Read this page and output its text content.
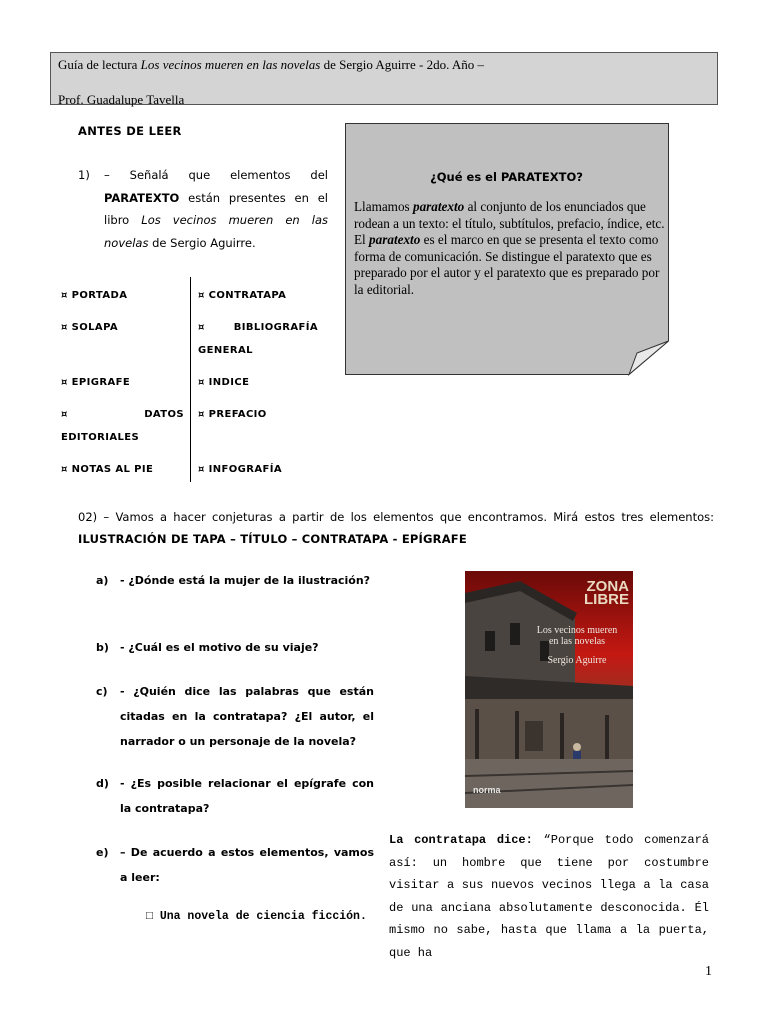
Guía de lectura Los vecinos mueren en las novelas de Sergio Aguirre - 2do. Año –
Prof. Guadalupe Tavella
ANTES DE LEER
1) – Señalá que elementos del PARATEXTO están presentes en el libro Los vecinos mueren en las novelas de Sergio Aguirre.
¤ PORTADA
¤ SOLAPA
¤ EPIGRAFE
¤	DATOS
EDITORIALES
¤ NOTAS AL PIE
¤ CONTRATAPA
¤	BIBLIOGRAFÍA
GENERAL
¤ INDICE
¤ PREFACIO
¤ INFOGRAFÍA
¿Qué es el PARATEXTO?
Llamamos paratexto al conjunto de los enunciados que rodean a un texto: el título, subtítulos, prefacio, índice, etc. El paratexto es el marco en que se presenta el texto como forma de comunicación. Se distingue el paratexto que es preparado por el autor y el paratexto que es preparado por la editorial.
02) – Vamos a hacer conjeturas a partir de los elementos que encontramos. Mirá estos tres elementos: ILUSTRACIÓN DE TAPA – TÍTULO – CONTRATAPA - EPÍGRAFE
a) - ¿Dónde está la mujer de la ilustración?
b) - ¿Cuál es el motivo de su viaje?
c) - ¿Quién dice las palabras que están citadas en la contratapa? ¿El autor, el narrador o un personaje de la novela?
d) - ¿Es posible relacionar el epígrafe con la contratapa?
e) – De acuerdo a estos elementos, vamos a leer:
□ Una novela de ciencia ficción.
ZONA
LIBRE
Los vecinos mueren
en las novelas
Sergio Aguirre
norma
La contratapa dice: “Porque todo comenzará así: un hombre que tiene por costumbre visitar a sus nuevos vecinos llega a la casa de una anciana absolutamente desconocida. Él mismo no sabe, hasta que llama a la puerta, que ha
1
